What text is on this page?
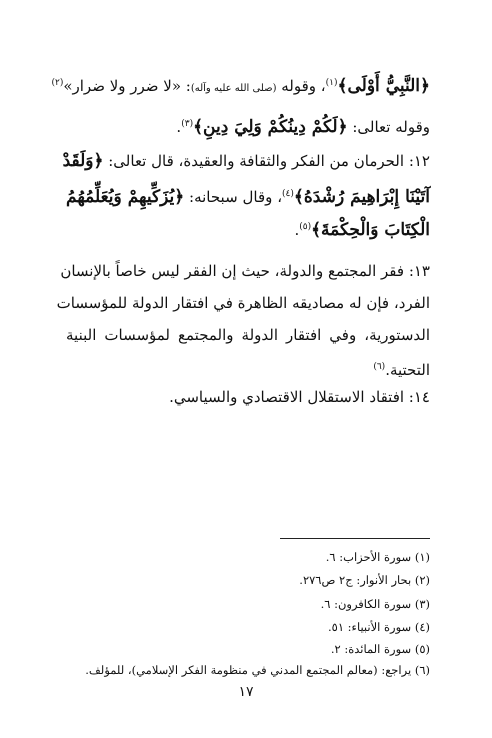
﴿النَّبِيُّ أَوْلَى﴾$^{(١)}$، وقوله (صلى الله عليه وآله): «لا ضرر ولا ضرار»$^{(٢)}$
وقوله تعالى: ﴿لَكُمْ دِينُكُمْ وَلِيَ دِينِ﴾$^{(٣)}$.
١٢: الحرمان من الفكر والثقافة والعقيدة، قال تعالى: ﴿وَلَقَدْ
آتَيْنَا إِبْرَاهِيمَ رُشْدَهُ﴾$^{(٤)}$، وقال سبحانه: ﴿يُزَكِّيهِمْ وَيُعَلِّمُهُمُ
الْكِتَابَ وَالْحِكْمَةَ﴾$^{(٥)}$.
١٣: فقر المجتمع والدولة، حيث إن الفقر ليس خاصاً بالإنسان
الفرد، فإن له مصاديقه الظاهرة في افتقار الدولة للمؤسسات
الدستورية، وفي افتقار الدولة والمجتمع لمؤسسات البنية
التحتية.$^{(٦)}$
١٤: افتقاد الاستقلال الاقتصادي والسياسي.
(١) سورة الأحزاب: ٦.
(٢) بحار الأنوار: ج٢ ص٢٧٦.
(٣) سورة الكافرون: ٦.
(٤) سورة الأنبياء: ٥١.
(٥) سورة المائدة: ٢.
(٦) يراجع: (معالم المجتمع المدني في منظومة الفكر الإسلامي)، للمؤلف.
١٧
